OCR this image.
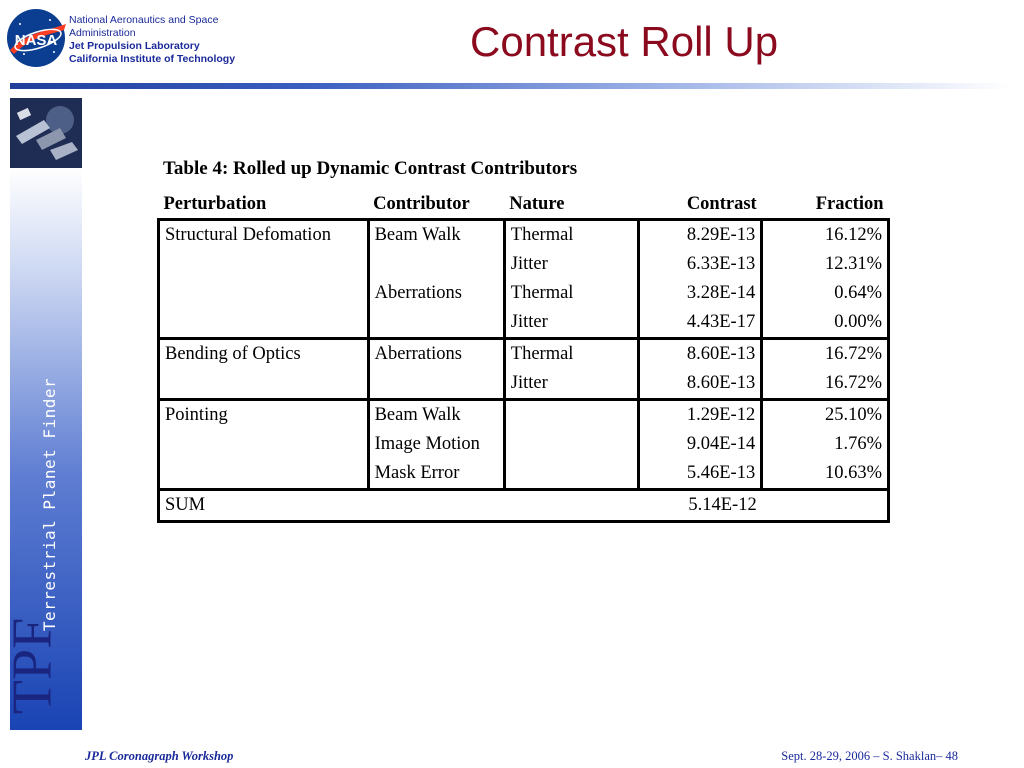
NASA
National Aeronautics and Space
Administration
Jet Propulsion Laboratory
California Institute of Technology	Contrast Roll Up
Terrestrial Planet Finder
TPF
Table 4: Rolled up Dynamic Contrast Contributors
Perturbation	Contributor	Nature	Contrast	Fraction
Structural Defomation	Beam Walk	Thermal	8.29E-13	16.12%
		Jitter	6.33E-13	12.31%
	Aberrations	Thermal	3.28E-14	0.64%
		Jitter	4.43E-17	0.00%
Bending of Optics	Aberrations	Thermal	8.60E-13	16.72%
		Jitter	8.60E-13	16.72%
Pointing	Beam Walk		1.29E-12	25.10%
	Image Motion		9.04E-14	1.76%
	Mask Error		5.46E-13	10.63%
SUM			5.14E-12	
JPL Coronagraph Workshop	Sept. 28-29, 2006 – S. Shaklan– 48
